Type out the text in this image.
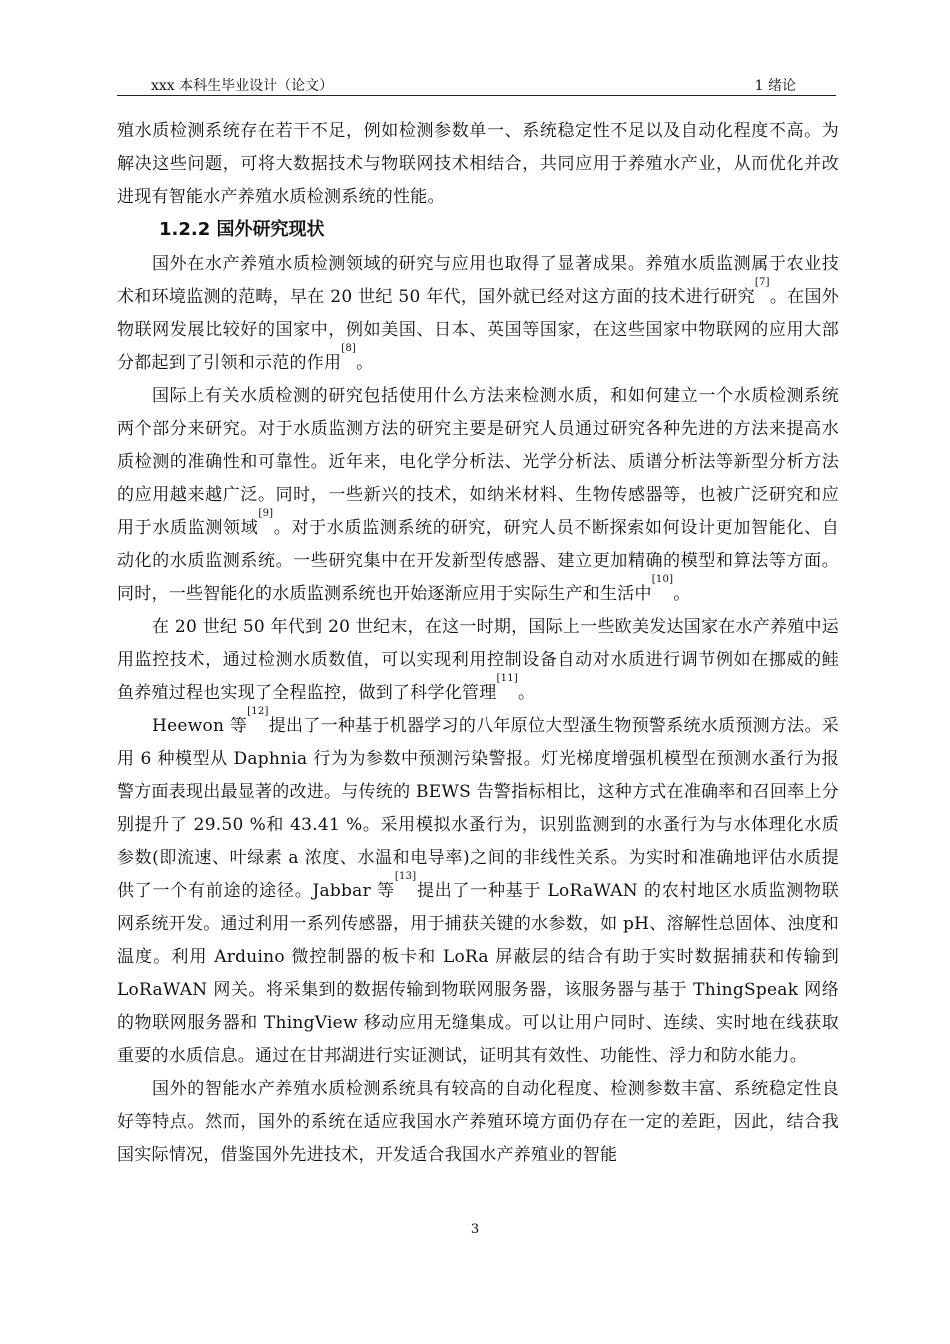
xxx 本科生毕业设计（论文）	1 绪论

殖水质检测系统存在若干不足，例如检测参数单一、系统稳定性不足以及自动化程度不高。为解决这些问题，可将大数据技术与物联网技术相结合，共同应用于养殖水产业，从而优化并改进现有智能水产养殖水质检测系统的性能。

1.2.2 国外研究现状

国外在水产养殖水质检测领域的研究与应用也取得了显著成果。养殖水质监测属于农业技术和环境监测的范畴，早在 20 世纪 50 年代，国外就已经对这方面的技术进行研究[7]。在国外物联网发展比较好的国家中，例如美国、日本、英国等国家，在这些国家中物联网的应用大部分都起到了引领和示范的作用[8]。

国际上有关水质检测的研究包括使用什么方法来检测水质，和如何建立一个水质检测系统两个部分来研究。对于水质监测方法的研究主要是研究人员通过研究各种先进的方法来提高水质检测的准确性和可靠性。近年来，电化学分析法、光学分析法、质谱分析法等新型分析方法的应用越来越广泛。同时，一些新兴的技术，如纳米材料、生物传感器等，也被广泛研究和应用于水质监测领域[9]。对于水质监测系统的研究，研究人员不断探索如何设计更加智能化、自动化的水质监测系统。一些研究集中在开发新型传感器、建立更加精确的模型和算法等方面。同时，一些智能化的水质监测系统也开始逐渐应用于实际生产和生活中[10]。

在 20 世纪 50 年代到 20 世纪末，在这一时期，国际上一些欧美发达国家在水产养殖中运用监控技术，通过检测水质数值，可以实现利用控制设备自动对水质进行调节例如在挪威的鲑鱼养殖过程也实现了全程监控，做到了科学化管理[11]。

Heewon 等[12]提出了一种基于机器学习的八年原位大型溞生物预警系统水质预测方法。采用 6 种模型从 Daphnia 行为为参数中预测污染警报。灯光梯度增强机模型在预测水蚤行为报警方面表现出最显著的改进。与传统的 BEWS 告警指标相比，这种方式在准确率和召回率上分别提升了 29.50 %和 43.41 %。采用模拟水蚤行为，识别监测到的水蚤行为与水体理化水质参数(即流速、叶绿素 a 浓度、水温和电导率)之间的非线性关系。为实时和准确地评估水质提供了一个有前途的途径。Jabbar 等[13]提出了一种基于 LoRaWAN 的农村地区水质监测物联网系统开发。通过利用一系列传感器，用于捕获关键的水参数，如 pH、溶解性总固体、浊度和温度。利用 Arduino 微控制器的板卡和 LoRa 屏蔽层的结合有助于实时数据捕获和传输到 LoRaWAN 网关。将采集到的数据传输到物联网服务器，该服务器与基于 ThingSpeak 网络的物联网服务器和 ThingView 移动应用无缝集成。可以让用户同时、连续、实时地在线获取重要的水质信息。通过在甘邦湖进行实证测试，证明其有效性、功能性、浮力和防水能力。

国外的智能水产养殖水质检测系统具有较高的自动化程度、检测参数丰富、系统稳定性良好等特点。然而，国外的系统在适应我国水产养殖环境方面仍存在一定的差距，因此，结合我国实际情况，借鉴国外先进技术，开发适合我国水产养殖业的智能

3
